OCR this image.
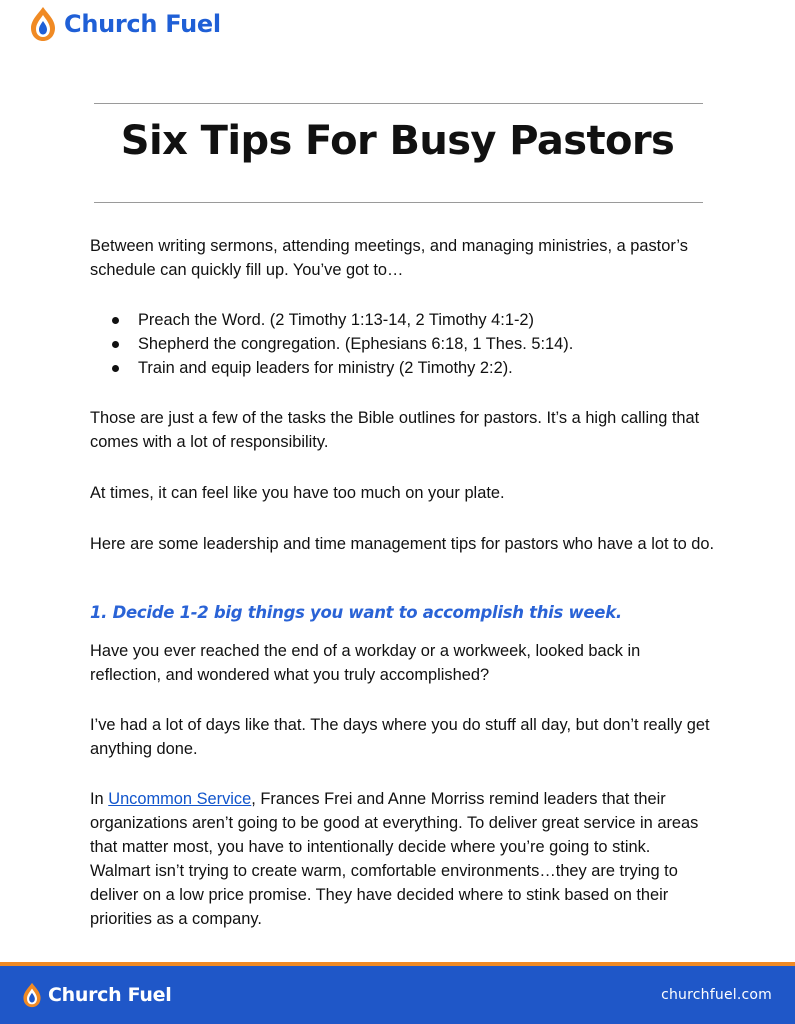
Church Fuel
Six Tips For Busy Pastors

Between writing sermons, attending meetings, and managing ministries, a pastor’s schedule can quickly fill up. You’ve got to…

Preach the Word. (2 Timothy 1:13-14, 2 Timothy 4:1-2)
Shepherd the congregation. (Ephesians 6:18, 1 Thes. 5:14).
Train and equip leaders for ministry (2 Timothy 2:2).

Those are just a few of the tasks the Bible outlines for pastors. It’s a high calling that comes with a lot of responsibility.

At times, it can feel like you have too much on your plate.

Here are some leadership and time management tips for pastors who have a lot to do.

1. Decide 1-2 big things you want to accomplish this week.

Have you ever reached the end of a workday or a workweek, looked back in reflection, and wondered what you truly accomplished?

I’ve had a lot of days like that. The days where you do stuff all day, but don’t really get anything done.

In Uncommon Service, Frances Frei and Anne Morriss remind leaders that their organizations aren’t going to be good at everything. To deliver great service in areas that matter most, you have to intentionally decide where you’re going to stink. Walmart isn’t trying to create warm, comfortable environments…they are trying to deliver on a low price promise. They have decided where to stink based on their priorities as a company.

Church Fuel	churchfuel.com
